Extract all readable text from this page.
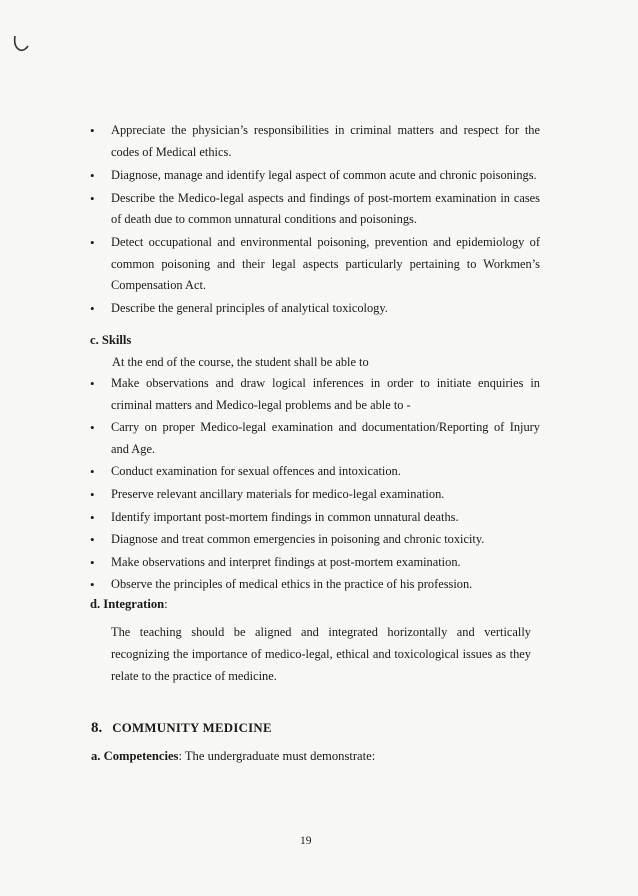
• Appreciate the physician’s responsibilities in criminal matters and respect for the codes of Medical ethics.
• Diagnose, manage and identify legal aspect of common acute and chronic poisonings.
• Describe the Medico-legal aspects and findings of post-mortem examination in cases of death due to common unnatural conditions and poisonings.
• Detect occupational and environmental poisoning, prevention and epidemiology of common poisoning and their legal aspects particularly pertaining to Workmen’s Compensation Act.
• Describe the general principles of analytical toxicology.
c. Skills
At the end of the course, the student shall be able to
• Make observations and draw logical inferences in order to initiate enquiries in criminal matters and Medico-legal problems and be able to -
• Carry on proper Medico-legal examination and documentation/Reporting of Injury and Age.
• Conduct examination for sexual offences and intoxication.
• Preserve relevant ancillary materials for medico-legal examination.
• Identify important post-mortem findings in common unnatural deaths.
• Diagnose and treat common emergencies in poisoning and chronic toxicity.
• Make observations and interpret findings at post-mortem examination.
• Observe the principles of medical ethics in the practice of his profession.
d. Integration:
The teaching should be aligned and integrated horizontally and vertically recognizing the importance of medico-legal, ethical and toxicological issues as they relate to the practice of medicine.
8. COMMUNITY MEDICINE
a. Competencies: The undergraduate must demonstrate:
19
